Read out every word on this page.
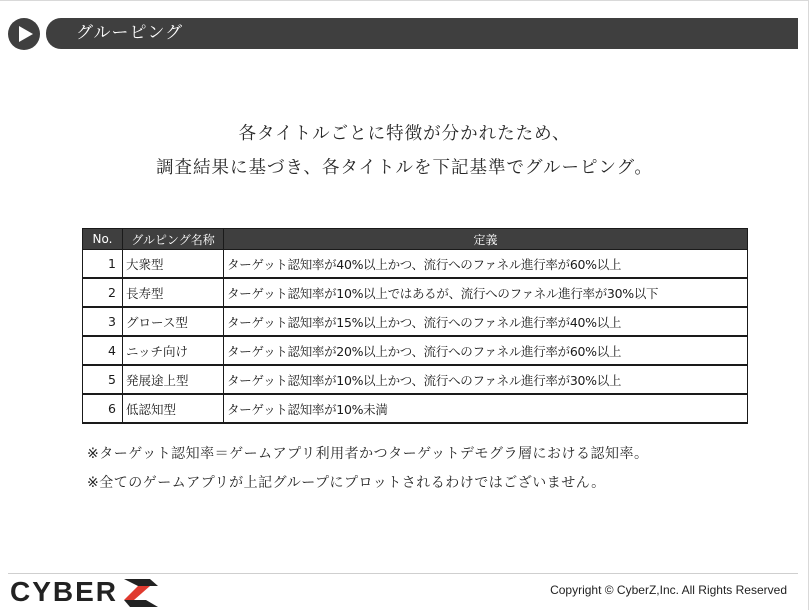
グルーピング
各タイトルごとに特徴が分かれたため、
調査結果に基づき、各タイトルを下記基準でグルーピング。
No.	グルピング名称	定義
1	大衆型	ターゲット認知率が40%以上かつ、流行へのファネル進行率が60%以上
2	長寿型	ターゲット認知率が10%以上ではあるが、流行へのファネル進行率が30%以下
3	グロース型	ターゲット認知率が15%以上かつ、流行へのファネル進行率が40%以上
4	ニッチ向け	ターゲット認知率が20%以上かつ、流行へのファネル進行率が60%以上
5	発展途上型	ターゲット認知率が10%以上かつ、流行へのファネル進行率が30%以上
6	低認知型	ターゲット認知率が10%未満
※ターゲット認知率＝ゲームアプリ利用者かつターゲットデモグラ層における認知率。
※全てのゲームアプリが上記グループにプロットされるわけではございません。
CYBER	Copyright © CyberZ,Inc. All Rights Reserved
